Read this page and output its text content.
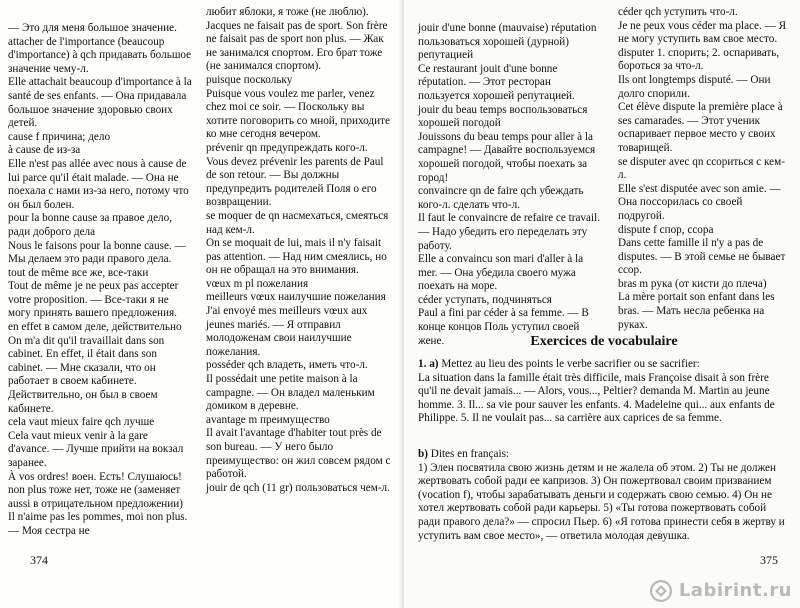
— Это для меня большое значение.

attacher de l'importance (beaucoup d'importance) à qch придавать большое значение чему-л.

Elle attachait beaucoup d'importance à la santé de ses enfants. — Она придавала большое значение здоровью своих детей.

cause f причина; дело

à cause de из-за

Elle n'est pas allée avec nous à cause de lui parce qu'il était malade. — Она не поехала с нами из-за него, потому что он был болен.

pour la bonne cause за правое дело, ради доброго дела

Nous le faisons pour la bonne cause. — Мы делаем это ради правого дела.

tout de même все же, все-таки

Tout de même je ne peux pas accepter votre proposition. — Все-таки я не могу принять вашего предложения.

en effet в самом деле, действительно

On m'a dit qu'il travaillait dans son cabinet. En effet, il était dans son cabinet. — Мне сказали, что он работает в своем кабинете. Действительно, он был в своем кабинете.

cela vaut mieux faire qch лучше

Cela vaut mieux venir à la gare d'avance. — Лучше прийти на вокзал заранее.

À vos ordres! воен. Есть! Слушаюсь!

non plus тоже нет, тоже не (заменяет aussi в отрицательном предложении)

Il n'aime pas les pommes, moi non plus. — Моя сестра не

любит яблоки, я тоже (не люблю).

Jacques ne faisait pas de sport. Son frère ne faisait pas de sport non plus. — Жак не занимался спортом. Его брат тоже (не занимался спортом).

puisque поскольку

Puisque vous voulez me parler, venez chez moi ce soir. — Поскольку вы хотите поговорить со мной, приходите ко мне сегодня вечером.

prévenir qn предупреждать кого-л.

Vous devez prévenir les parents de Paul de son retour. — Вы должны предупредить родителей Поля о его возвращении.

se moquer de qn насмехаться, смеяться над кем-л.

On se moquait de lui, mais il n'y faisait pas attention. — Над ним смеялись, но он не обращал на это внимания.

vœux m pl пожелания

meilleurs vœux наилучшие пожелания

J'ai envoyé mes meilleurs vœux aux jeunes mariés. — Я отправил молодоженам свои наилучшие пожелания.

posséder qch владеть, иметь что-л.

Il possédait une petite maison à la campagne. — Он владел маленьким домиком в деревне.

avantage m преимущество

Il avait l'avantage d'habiter tout près de son bureau. — У него было преимущество: он жил совсем рядом с работой.

jouir de qch (11 gr) пользоваться чем-л.

374

jouir d'une bonne (mauvaise) réputation пользоваться хорошей (дурной) репутацией

Ce restaurant jouit d'une bonne réputation. — Этот ресторан пользуется хорошей репутацией.

jouir du beau temps воспользоваться хорошей погодой

Jouissons du beau temps pour aller à la campagne! — Давайте воспользуемся хорошей погодой, чтобы поехать за город!

convaincre qn de faire qch убеждать кого-л. сделать что-л.

Il faut le convaincre de refaire ce travail. — Надо убедить его переделать эту работу.

Elle a convaincu son mari d'aller à la mer. — Она убедила своего мужа поехать на море.

céder уступать, подчиняться

Paul a fini par céder à sa femme. — В конце концов Поль уступил своей жене.

céder qch уступить что-л.

Je ne peux vous céder ma place. — Я не могу уступить вам свое место.

disputer 1. спорить; 2. оспаривать, бороться за что-л.

Ils ont longtemps disputé. — Они долго спорили.

Cet élève dispute la première place à ses camarades. — Этот ученик оспаривает первое место у своих товарищей.

se disputer avec qn ссориться с кем-л.

Elle s'est disputée avec son amie. — Она поссорилась со своей подругой.

dispute f спор, ссора

Dans cette famille il n'y a pas de disputes. — В этой семье не бывает ссор.

bras m рука (от кисти до плеча)

La mère portait son enfant dans les bras. — Мать несла ребенка на руках.

Exercices de vocabulaire
1. a) Mettez au lieu des points le verbe sacrifier ou se sacrifier:

La situation dans la famille était très difficile, mais Françoise disait à son frère qu'il ne devait jamais... — Alors, vous..., Peltier? demanda M. Martin au jeune homme. 3. Il... sa vie pour sauver les enfants. 4. Madeleine qui... aux enfants de Philippe. 5. Il ne voulait pas... sa carrière aux caprices de sa femme.

b) Dites en français:

1) Элен посвятила свою жизнь детям и не жалела об этом. 2) Ты не должен жертвовать собой ради ее капризов. 3) Он пожертвовал своим призванием (vocation f), чтобы зарабатывать деньги и содержать свою семью. 4) Он не хотел жертвовать собой ради карьеры. 5) «Ты готова пожертвовать собой ради правого дела?» — спросил Пьер. 6) «Я готова принести себя в жертву и уступить вам свое место», — ответила молодая девушка.

375
Labirint.ru
